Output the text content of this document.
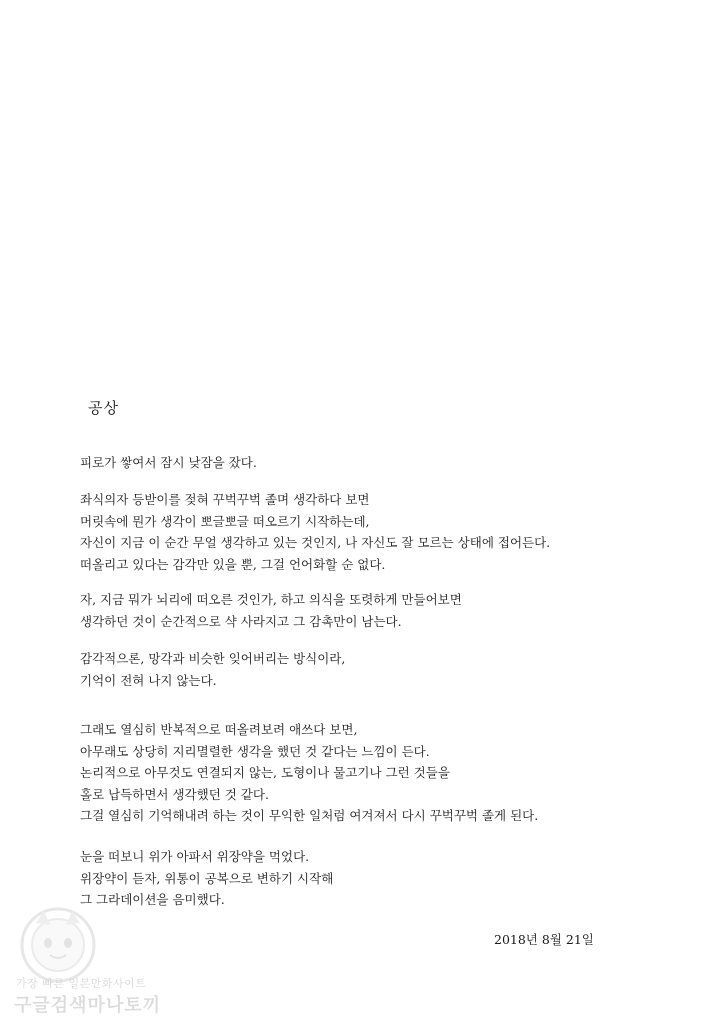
공상

피로가 쌓여서 잠시 낮잠을 잤다.

좌식의자 등받이를 젖혀 꾸벅꾸벅 졸며 생각하다 보면
머릿속에 뭔가 생각이 뽀글뽀글 떠오르기 시작하는데,
자신이 지금 이 순간 무얼 생각하고 있는 것인지, 나 자신도 잘 모르는 상태에 접어든다.
떠올리고 있다는 감각만 있을 뿐, 그걸 언어화할 순 없다.

자, 지금 뭐가 뇌리에 떠오른 것인가, 하고 의식을 또렷하게 만들어보면
생각하던 것이 순간적으로 샥 사라지고 그 감촉만이 남는다.

감각적으론, 망각과 비슷한 잊어버리는 방식이라,
기억이 전혀 나지 않는다.

그래도 열심히 반복적으로 떠올려보려 애쓰다 보면,
아무래도 상당히 지리멸렬한 생각을 했던 것 같다는 느낌이 든다.
논리적으로 아무것도 연결되지 않는, 도형이나 물고기나 그런 것들을
홀로 납득하면서 생각했던 것 같다.
그걸 열심히 기억해내려 하는 것이 무익한 일처럼 여겨져서 다시 꾸벅꾸벅 졸게 된다.

눈을 떠보니 위가 아파서 위장약을 먹었다.
위장약이 듣자, 위통이 공복으로 변하기 시작해
그 그라데이션을 음미했다.

2018년 8월 21일
가장 빠른 일본만화사이트
구글검색마나토끼
